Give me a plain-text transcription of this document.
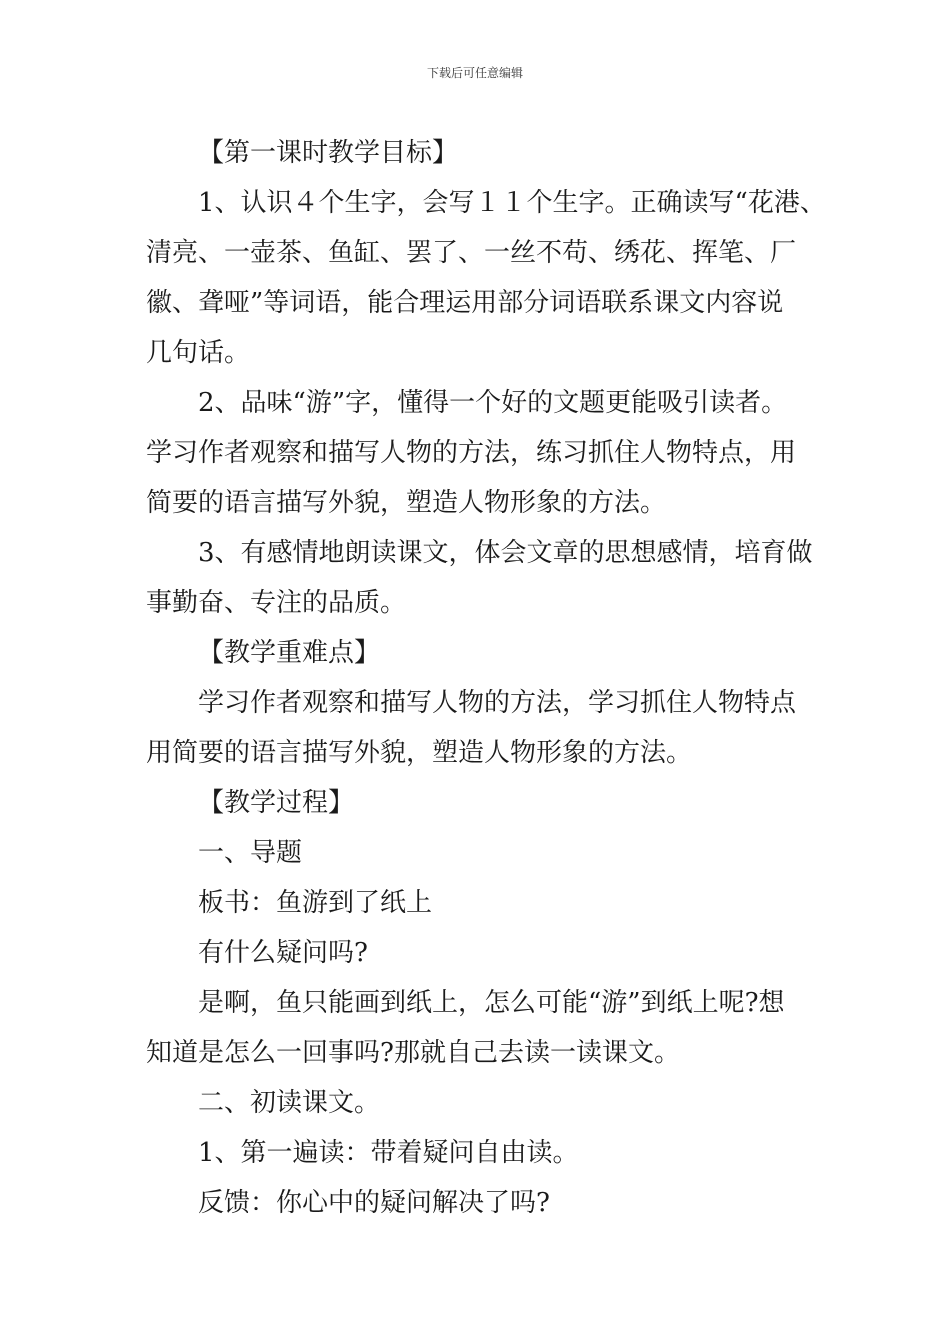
下载后可任意编辑

【第一课时教学目标】

1、认识４个生字，会写１１个生字。正确读写“花港、

清亮、一壶茶、鱼缸、罢了、一丝不苟、绣花、挥笔、厂

徽、聋哑”等词语，能合理运用部分词语联系课文内容说

几句话。

2、品味“游”字，懂得一个好的文题更能吸引读者。

学习作者观察和描写人物的方法，练习抓住人物特点，用

简要的语言描写外貌，塑造人物形象的方法。

3、有感情地朗读课文，体会文章的思想感情，培育做

事勤奋、专注的品质。

【教学重难点】

学习作者观察和描写人物的方法，学习抓住人物特点

用简要的语言描写外貌，塑造人物形象的方法。

【教学过程】

一、导题

板书：鱼游到了纸上

有什么疑问吗?

是啊，鱼只能画到纸上，怎么可能“游”到纸上呢?想

知道是怎么一回事吗?那就自己去读一读课文。

二、初读课文。

1、第一遍读：带着疑问自由读。

反馈：你心中的疑问解决了吗?
